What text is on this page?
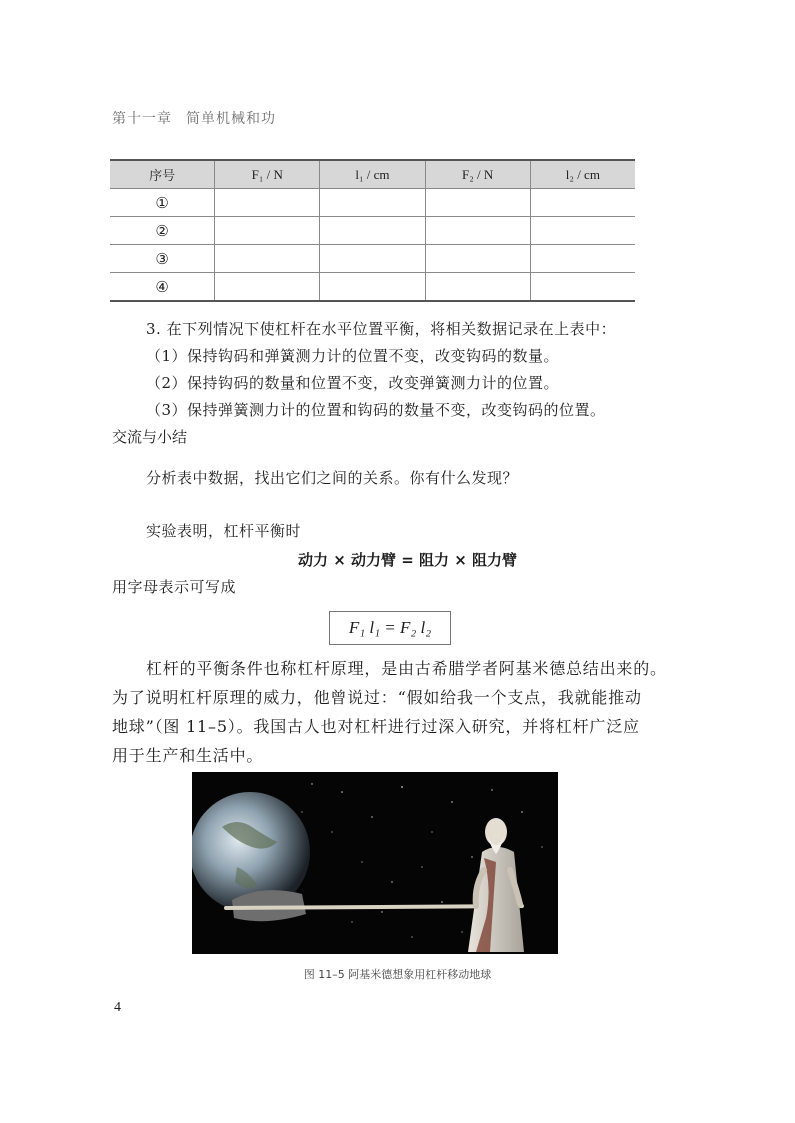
第十一章 简单机械和功
序号	F₁ / N	l₁ / cm	F₂ / N	l₂ / cm
①				
②				
③				
④				
3. 在下列情况下使杠杆在水平位置平衡，将相关数据记录在上表中：
（1）保持钩码和弹簧测力计的位置不变，改变钩码的数量。
（2）保持钩码的数量和位置不变，改变弹簧测力计的位置。
（3）保持弹簧测力计的位置和钩码的数量不变，改变钩码的位置。
交流与小结
分析表中数据，找出它们之间的关系。你有什么发现？
实验表明，杠杆平衡时
动力 × 动力臂 = 阻力 × 阻力臂
用字母表示可写成
F₁ l₁ = F₂ l₂
杠杆的平衡条件也称杠杆原理，是由古希腊学者阿基米德总结出来的。
为了说明杠杆原理的威力，他曾说过：“假如给我一个支点，我就能推动
地球”（图 11–5）。我国古人也对杠杆进行过深入研究，并将杠杆广泛应
用于生产和生活中。
图 11–5 阿基米德想象用杠杆移动地球
4
